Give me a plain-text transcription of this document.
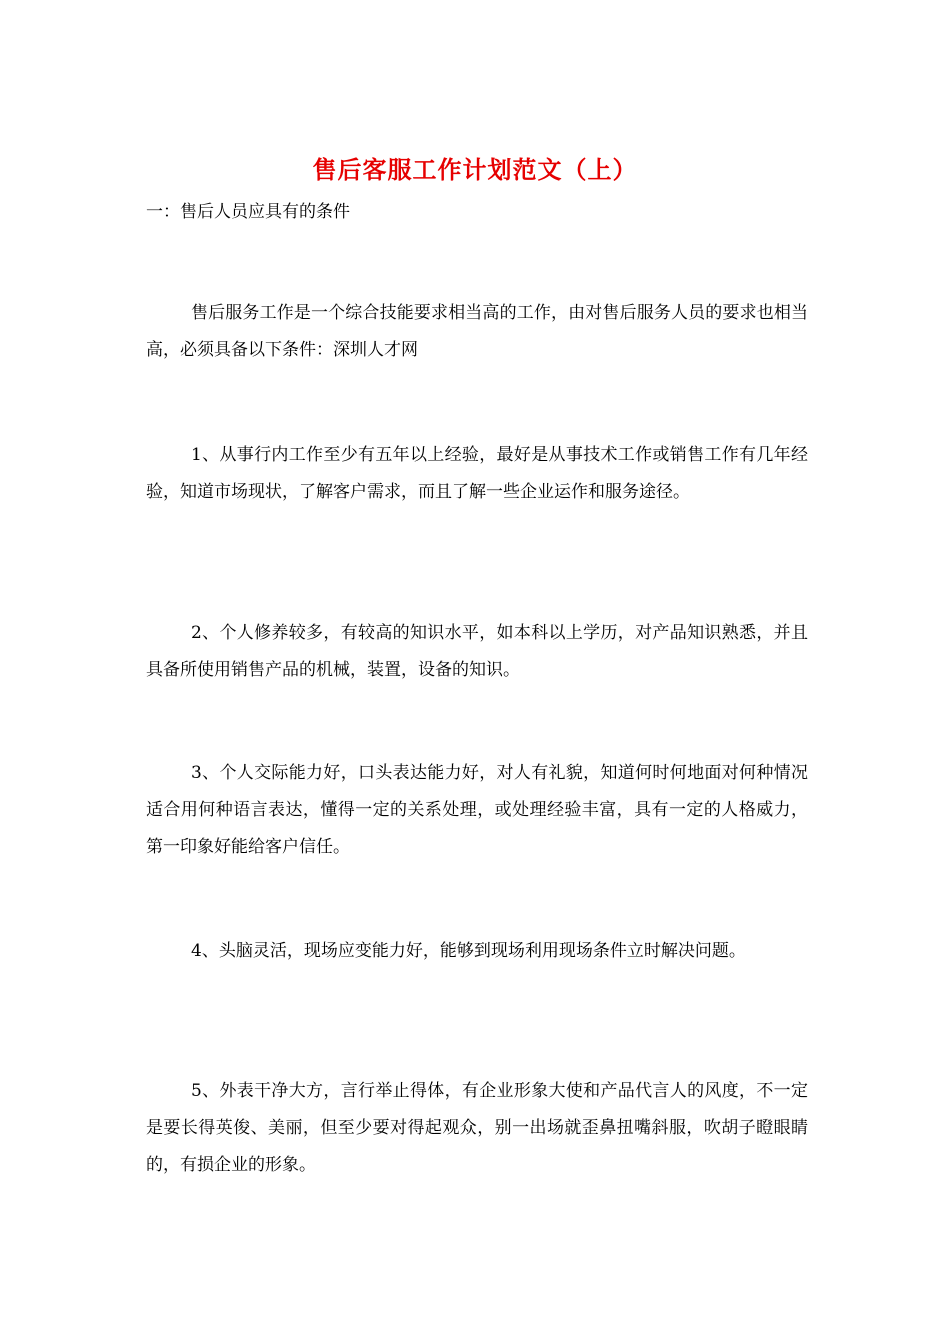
售后客服工作计划范文（上）
一：售后人员应具有的条件
售后服务工作是一个综合技能要求相当高的工作，由对售后服务人员的要求也相当高，必须具备以下条件：深圳人才网
1、从事行内工作至少有五年以上经验，最好是从事技术工作或销售工作有几年经验，知道市场现状，了解客户需求，而且了解一些企业运作和服务途径。
2、个人修养较多，有较高的知识水平，如本科以上学历，对产品知识熟悉，并且具备所使用销售产品的机械，装置，设备的知识。
3、个人交际能力好，口头表达能力好，对人有礼貌，知道何时何地面对何种情况适合用何种语言表达，懂得一定的关系处理，或处理经验丰富，具有一定的人格威力，第一印象好能给客户信任。
4、头脑灵活，现场应变能力好，能够到现场利用现场条件立时解决问题。
5、外表干净大方，言行举止得体，有企业形象大使和产品代言人的风度，不一定是要长得英俊、美丽，但至少要对得起观众，别一出场就歪鼻扭嘴斜服，吹胡子瞪眼睛的，有损企业的形象。
